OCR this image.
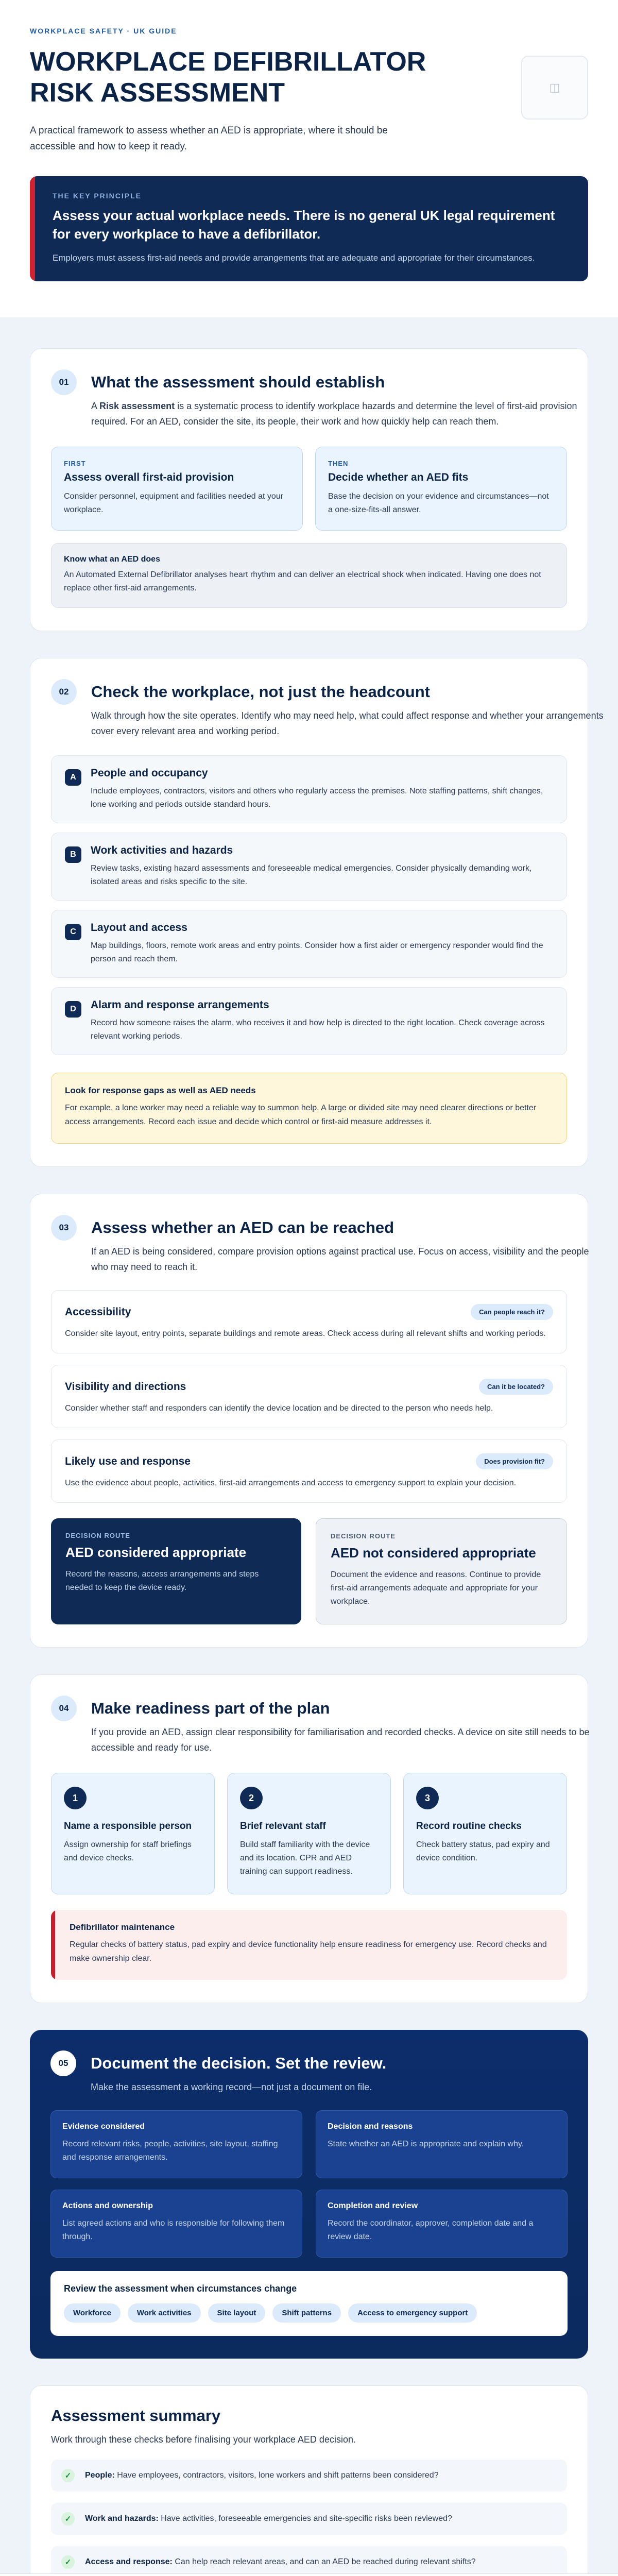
WORKPLACE SAFETY · UK GUIDE
WORKPLACE DEFIBRILLATOR RISK ASSESSMENT

A practical framework to assess whether an AED is appropriate, where it should be accessible and how to keep it ready.

◫
THE KEY PRINCIPLE
Assess your actual workplace needs. There is no general UK legal requirement for every workplace to have a defibrillator.
Employers must assess first-aid needs and provide arrangements that are adequate and appropriate for their circumstances.
01	What the assessment should establish

A Risk assessment is a systematic process to identify workplace hazards and determine the level of first-aid provision required. For an AED, consider the site, its people, their work and how quickly help can reach them.

FIRST
Assess overall first-aid provision

Consider personnel, equipment and facilities needed at your workplace.

THEN
Decide whether an AED fits

Base the decision on your evidence and circumstances—not a one-size-fits-all answer.

Know what an AED does

An Automated External Defibrillator analyses heart rhythm and can deliver an electrical shock when indicated. Having one does not replace other first-aid arrangements.

02	Check the workplace, not just the headcount

Walk through how the site operates. Identify who may need help, what could affect response and whether your arrangements cover every relevant area and working period.

A	People and occupancy

Include employees, contractors, visitors and others who regularly access the premises. Note staffing patterns, shift changes, lone working and periods outside standard hours.

B	Work activities and hazards

Review tasks, existing hazard assessments and foreseeable medical emergencies. Consider physically demanding work, isolated areas and risks specific to the site.

C	Layout and access

Map buildings, floors, remote work areas and entry points. Consider how a first aider or emergency responder would find the person and reach them.

D	Alarm and response arrangements

Record how someone raises the alarm, who receives it and how help is directed to the right location. Check coverage across relevant working periods.

Look for response gaps as well as AED needs

For example, a lone worker may need a reliable way to summon help. A large or divided site may need clearer directions or better access arrangements. Record each issue and decide which control or first-aid measure addresses it.

03	Assess whether an AED can be reached

If an AED is being considered, compare provision options against practical use. Focus on access, visibility and the people who may need to reach it.

Accessibility	Can people reach it?

Consider site layout, entry points, separate buildings and remote areas. Check access during all relevant shifts and working periods.

Visibility and directions	Can it be located?

Consider whether staff and responders can identify the device location and be directed to the person who needs help.

Likely use and response	Does provision fit?

Use the evidence about people, activities, first-aid arrangements and access to emergency support to explain your decision.

DECISION ROUTE
AED considered appropriate

Record the reasons, access arrangements and steps needed to keep the device ready.

DECISION ROUTE
AED not considered appropriate

Document the evidence and reasons. Continue to provide first-aid arrangements adequate and appropriate for your workplace.

04	Make readiness part of the plan

If you provide an AED, assign clear responsibility for familiarisation and recorded checks. A device on site still needs to be accessible and ready for use.

1
Name a responsible person

Assign ownership for staff briefings and device checks.

2
Brief relevant staff

Build staff familiarity with the device and its location. CPR and AED training can support readiness.

3
Record routine checks

Check battery status, pad expiry and device condition.

Defibrillator maintenance

Regular checks of battery status, pad expiry and device functionality help ensure readiness for emergency use. Record checks and make ownership clear.

05	Document the decision. Set the review.

Make the assessment a working record—not just a document on file.

Evidence considered

Record relevant risks, people, activities, site layout, staffing and response arrangements.

Decision and reasons

State whether an AED is appropriate and explain why.

Actions and ownership

List agreed actions and who is responsible for following them through.

Completion and review

Record the coordinator, approver, completion date and a review date.

Review the assessment when circumstances change
Workforce	Work activities	Site layout	Shift patterns	Access to emergency support
Assessment summary

Work through these checks before finalising your workplace AED decision.

✓	People: Have employees, contractors, visitors, lone workers and shift patterns been considered?
✓	Work and hazards: Have activities, foreseeable emergencies and site-specific risks been reviewed?
✓	Access and response: Can help reach relevant areas, and can an AED be reached during relevant shifts?
